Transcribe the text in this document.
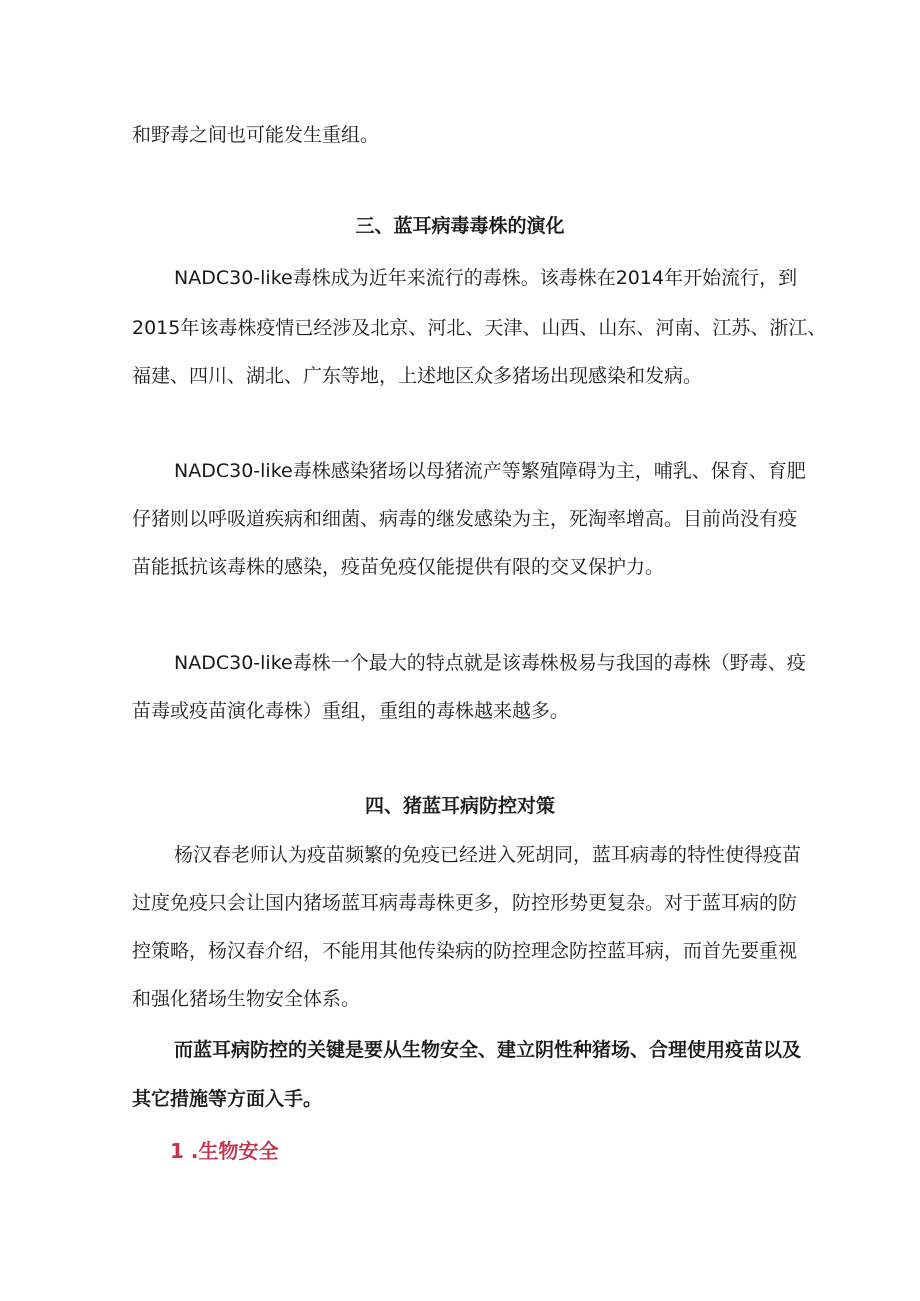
和野毒之间也可能发生重组。

三、蓝耳病毒毒株的演化

NADC30-like毒株成为近年来流行的毒株。该毒株在2014年开始流行，到

2015年该毒株疫情已经涉及北京、河北、天津、山西、山东、河南、江苏、浙江、

福建、四川、湖北、广东等地，上述地区众多猪场出现感染和发病。

NADC30-like毒株感染猪场以母猪流产等繁殖障碍为主，哺乳、保育、育肥

仔猪则以呼吸道疾病和细菌、病毒的继发感染为主，死淘率增高。目前尚没有疫

苗能抵抗该毒株的感染，疫苗免疫仅能提供有限的交叉保护力。

NADC30-like毒株一个最大的特点就是该毒株极易与我国的毒株（野毒、疫

苗毒或疫苗演化毒株）重组，重组的毒株越来越多。

四、猪蓝耳病防控对策

杨汉春老师认为疫苗频繁的免疫已经进入死胡同，蓝耳病毒的特性使得疫苗

过度免疫只会让国内猪场蓝耳病毒毒株更多，防控形势更复杂。对于蓝耳病的防

控策略，杨汉春介绍，不能用其他传染病的防控理念防控蓝耳病，而首先要重视

和强化猪场生物安全体系。

而蓝耳病防控的关键是要从生物安全、建立阴性种猪场、合理使用疫苗以及

其它措施等方面入手。

1 .生物安全
